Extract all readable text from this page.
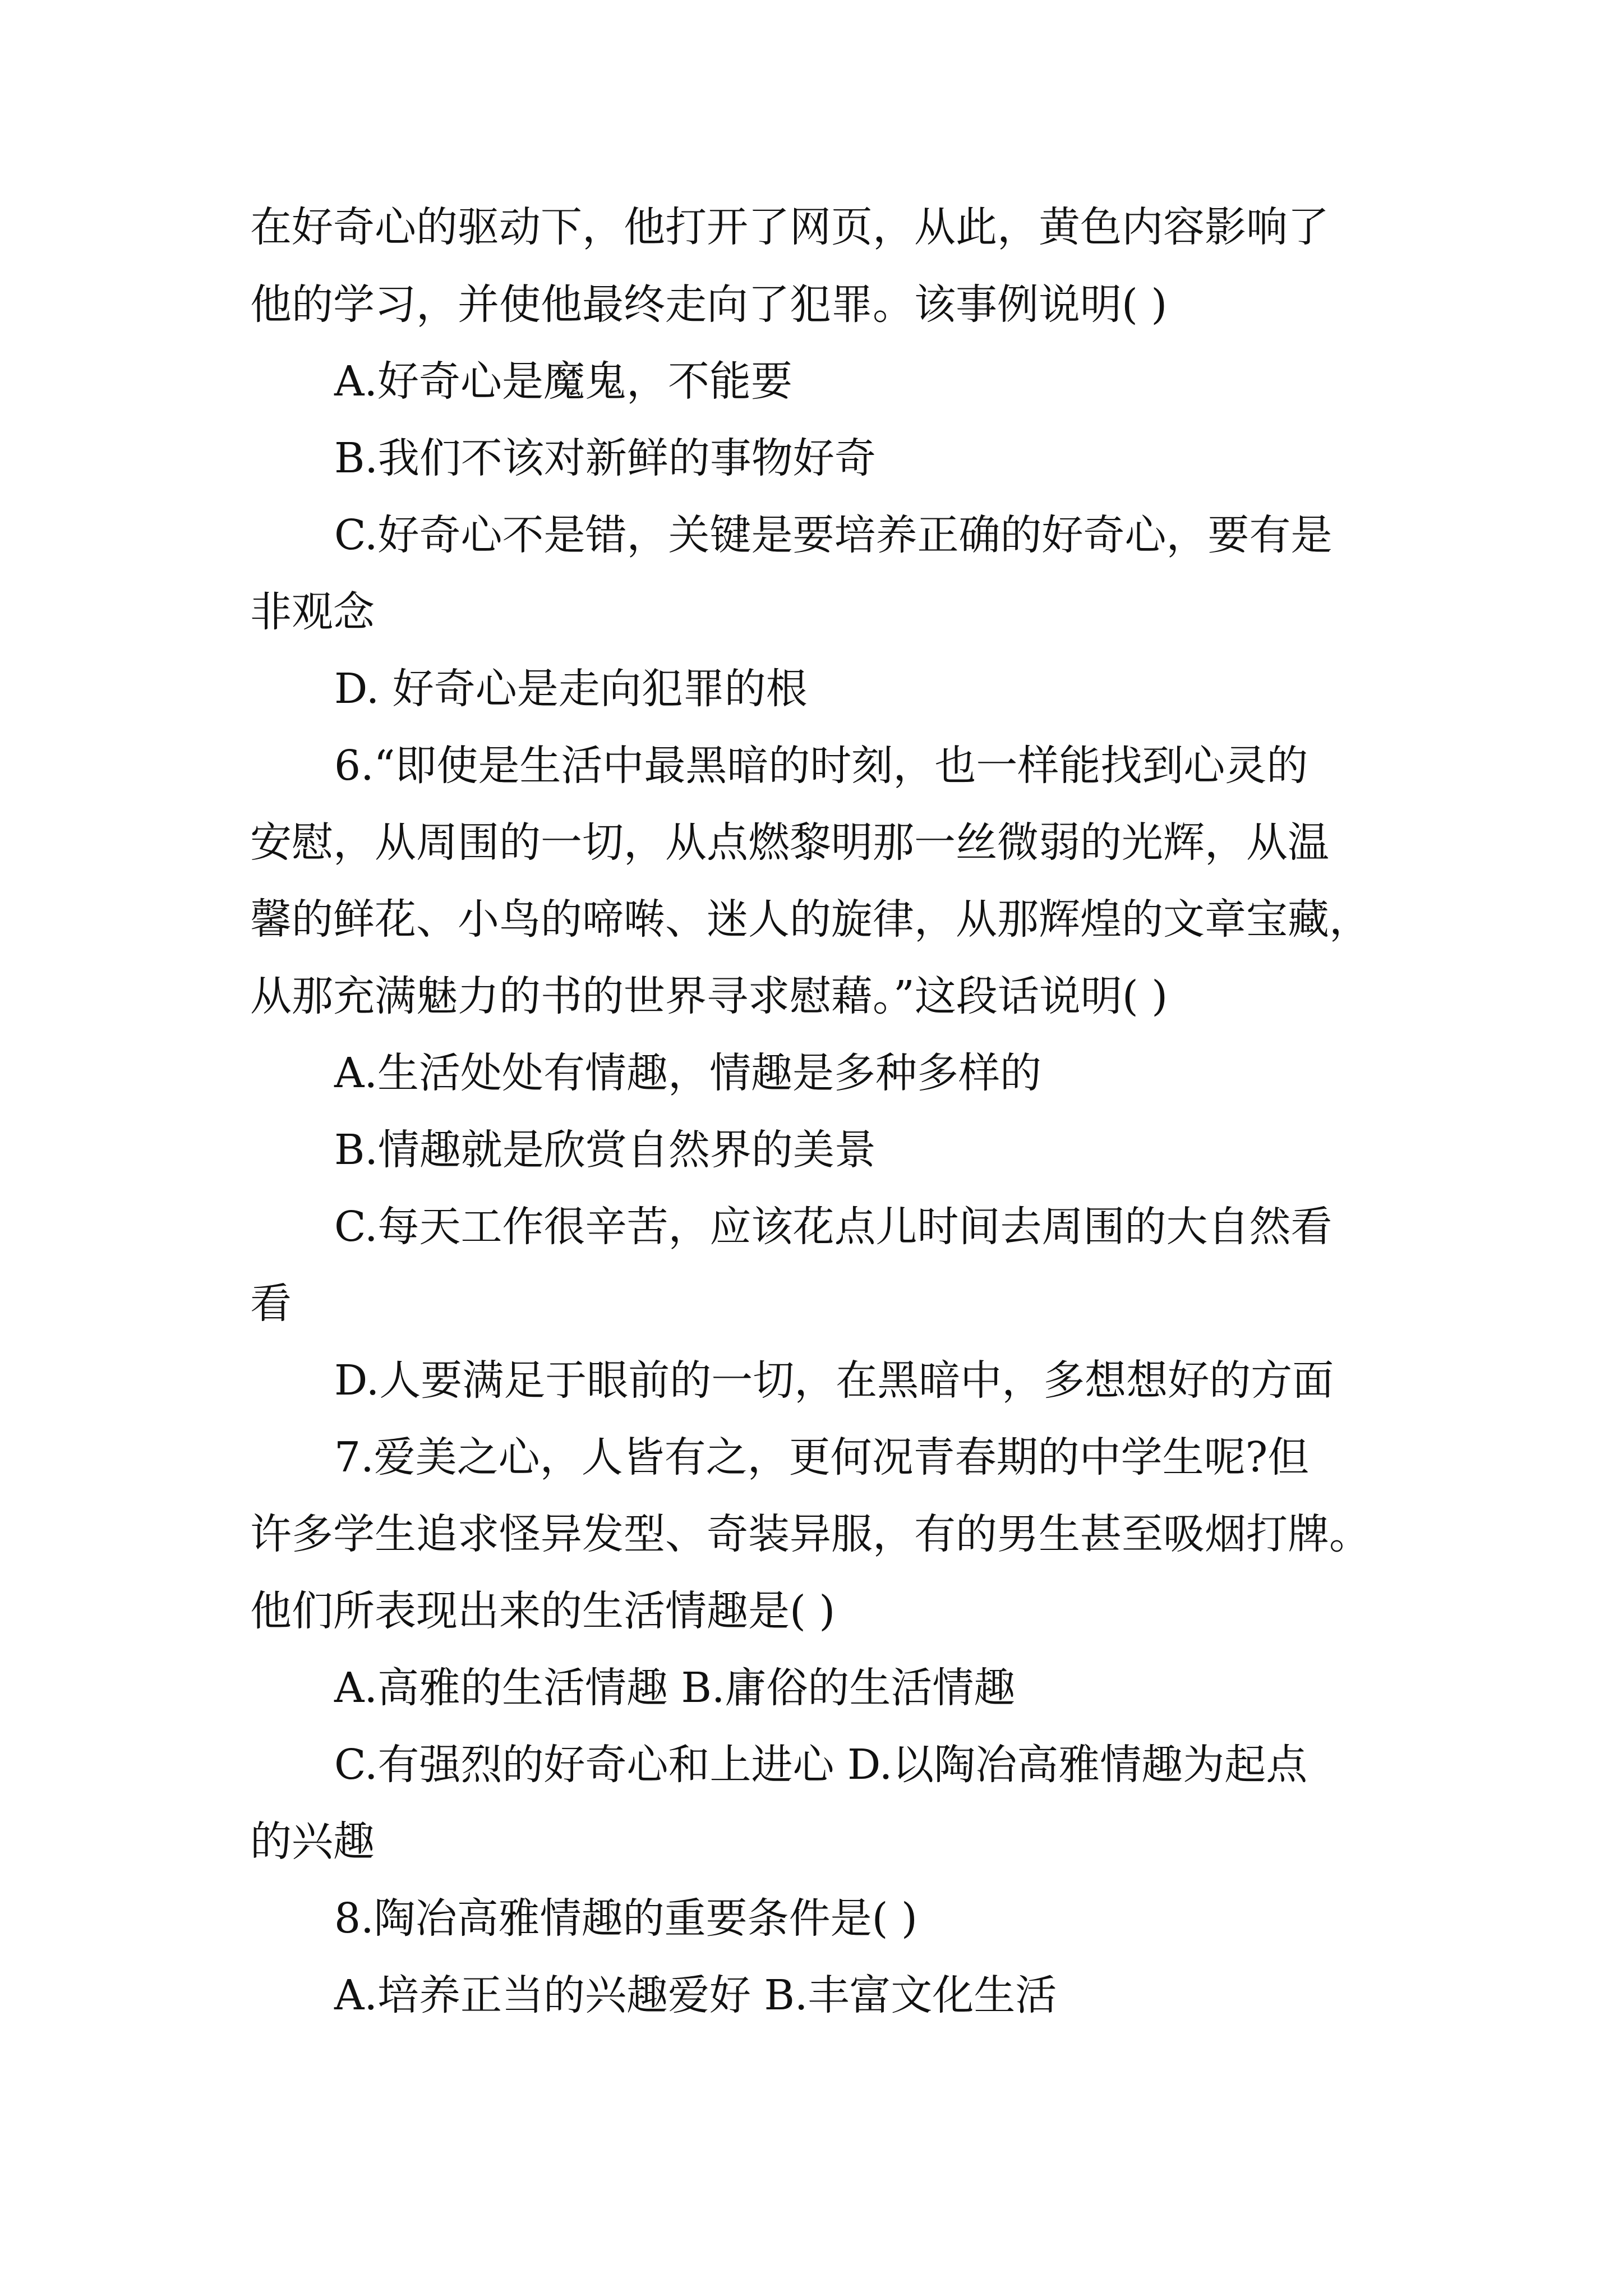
在好奇心的驱动下，他打开了网页，从此，黄色内容影响了
他的学习，并使他最终走向了犯罪。该事例说明( )
A.好奇心是魔鬼，不能要
B.我们不该对新鲜的事物好奇
C.好奇心不是错，关键是要培养正确的好奇心，要有是
非观念
D. 好奇心是走向犯罪的根
6.“即使是生活中最黑暗的时刻，也一样能找到心灵的
安慰，从周围的一切，从点燃黎明那一丝微弱的光辉，从温
馨的鲜花、小鸟的啼啭、迷人的旋律，从那辉煌的文章宝藏，
从那充满魅力的书的世界寻求慰藉。”这段话说明( )
A.生活处处有情趣，情趣是多种多样的
B.情趣就是欣赏自然界的美景
C.每天工作很辛苦，应该花点儿时间去周围的大自然看
看
D.人要满足于眼前的一切，在黑暗中，多想想好的方面
7.爱美之心，人皆有之，更何况青春期的中学生呢?但
许多学生追求怪异发型、奇装异服，有的男生甚至吸烟打牌。
他们所表现出来的生活情趣是( )
A.高雅的生活情趣 B.庸俗的生活情趣
C.有强烈的好奇心和上进心 D.以陶冶高雅情趣为起点
的兴趣
8.陶冶高雅情趣的重要条件是( )
A.培养正当的兴趣爱好 B.丰富文化生活
